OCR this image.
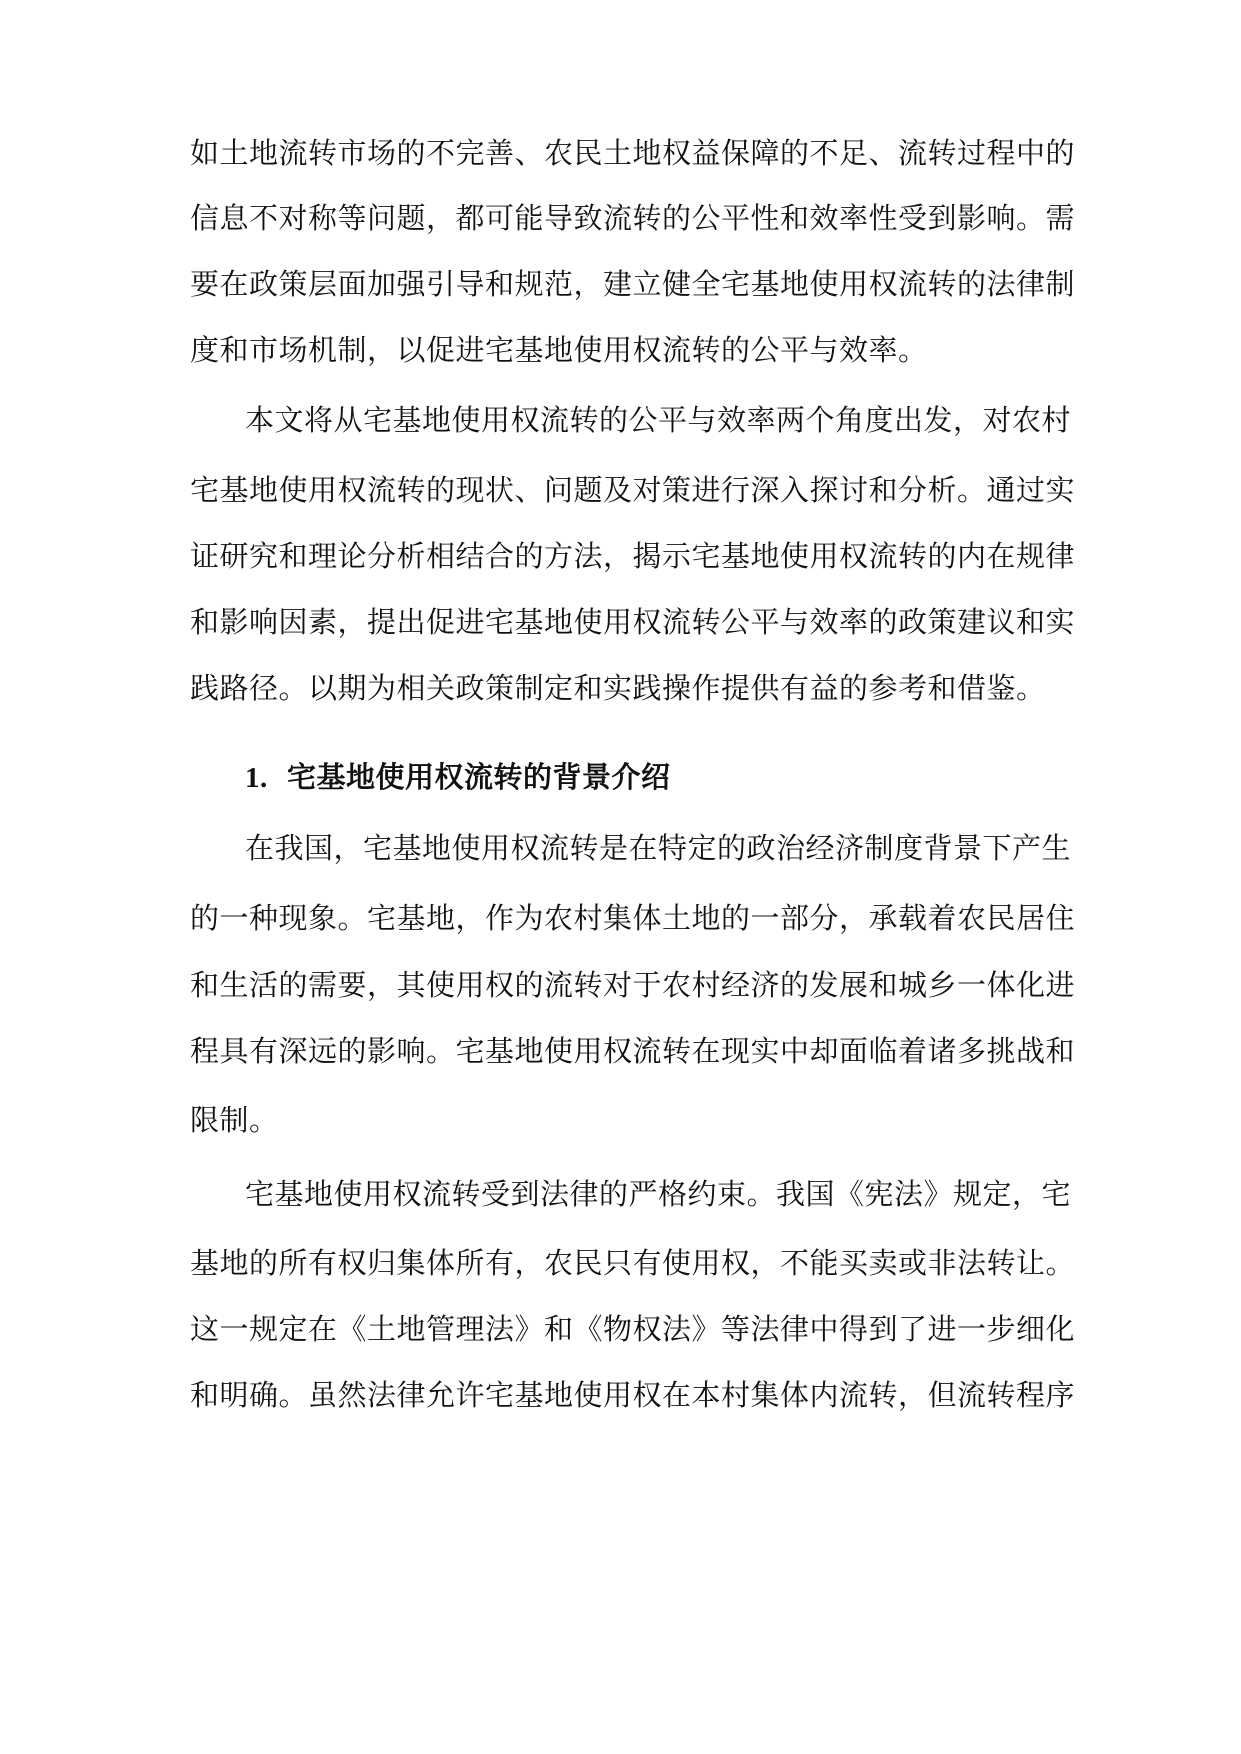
如土地流转市场的不完善、农民土地权益保障的不足、流转过程中的
信息不对称等问题，都可能导致流转的公平性和效率性受到影响。需
要在政策层面加强引导和规范，建立健全宅基地使用权流转的法律制
度和市场机制，以促进宅基地使用权流转的公平与效率。
本文将从宅基地使用权流转的公平与效率两个角度出发，对农村
宅基地使用权流转的现状、问题及对策进行深入探讨和分析。通过实
证研究和理论分析相结合的方法，揭示宅基地使用权流转的内在规律
和影响因素，提出促进宅基地使用权流转公平与效率的政策建议和实
践路径。以期为相关政策制定和实践操作提供有益的参考和借鉴。
1. 宅基地使用权流转的背景介绍
在我国，宅基地使用权流转是在特定的政治经济制度背景下产生
的一种现象。宅基地，作为农村集体土地的一部分，承载着农民居住
和生活的需要，其使用权的流转对于农村经济的发展和城乡一体化进
程具有深远的影响。宅基地使用权流转在现实中却面临着诸多挑战和
限制。
宅基地使用权流转受到法律的严格约束。我国《宪法》规定，宅
基地的所有权归集体所有，农民只有使用权，不能买卖或非法转让。
这一规定在《土地管理法》和《物权法》等法律中得到了进一步细化
和明确。虽然法律允许宅基地使用权在本村集体内流转，但流转程序
